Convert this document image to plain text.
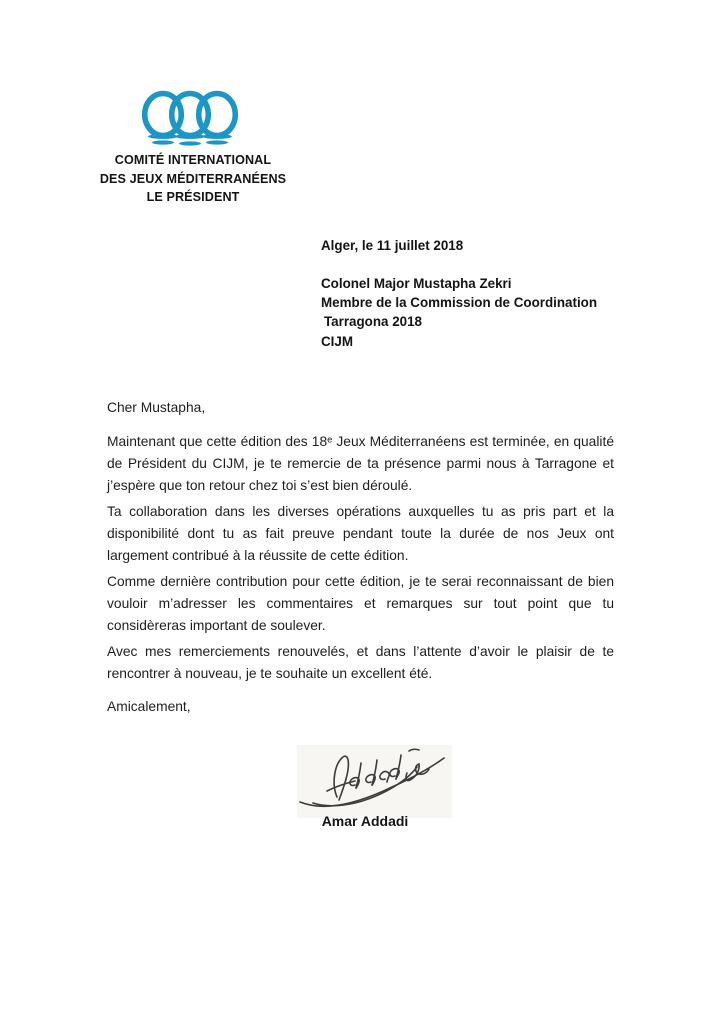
COMITÉ INTERNATIONAL
DES JEUX MÉDITERRANÉENS
LE PRÉSIDENT
Alger, le 11 juillet 2018
Colonel Major Mustapha Zekri
Membre de la Commission de Coordination
Tarragona 2018
CIJM
Cher Mustapha,
Maintenant que cette édition des 18ᵉ Jeux Méditerranéens est terminée, en qualité de Président du CIJM, je te remercie de ta présence parmi nous à Tarragone et j’espère que ton retour chez toi s’est bien déroulé.
Ta collaboration dans les diverses opérations auxquelles tu as pris part et la disponibilité dont tu as fait preuve pendant toute la durée de nos Jeux ont largement contribué à la réussite de cette édition.
Comme dernière contribution pour cette édition, je te serai reconnaissant de bien vouloir m’adresser les commentaires et remarques sur tout point que tu considèreras important de soulever.
Avec mes remerciements renouvelés, et dans l’attente d’avoir le plaisir de te rencontrer à nouveau, je te souhaite un excellent été.
Amicalement,
Amar Addadi
